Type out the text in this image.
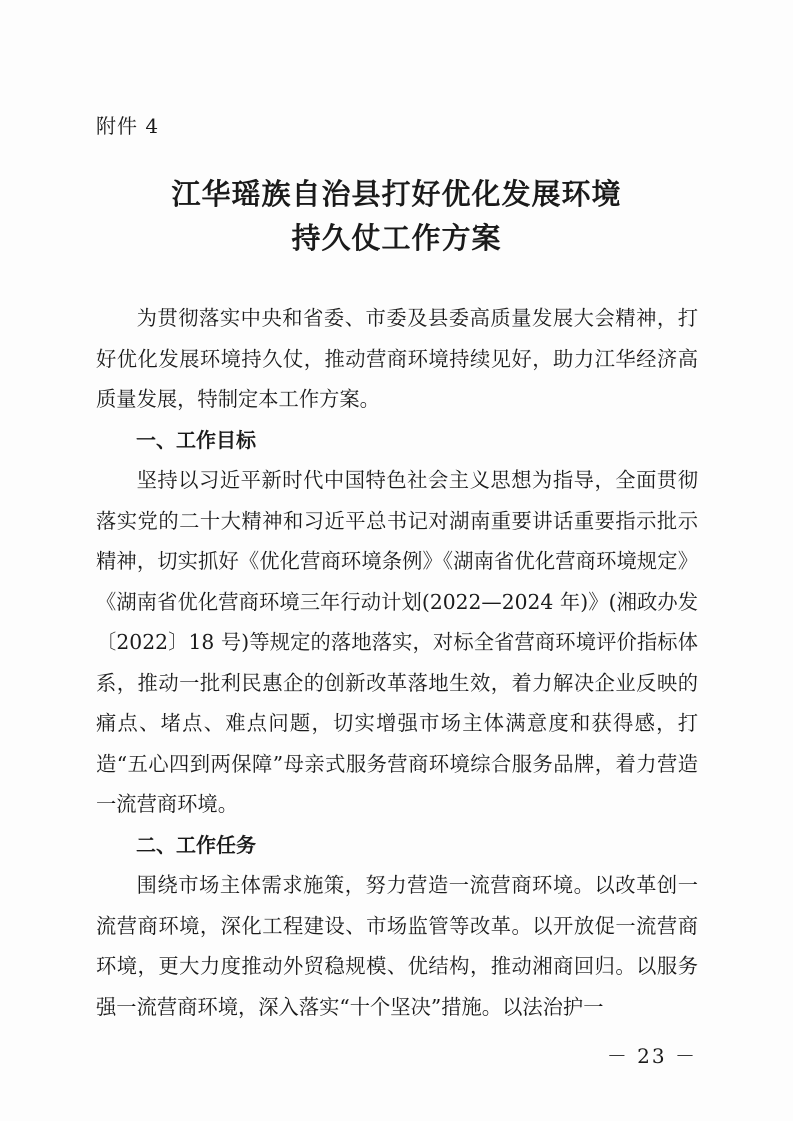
附件 4
江华瑶族自治县打好优化发展环境
持久仗工作方案

为贯彻落实中央和省委、市委及县委高质量发展大会精神，打好优化发展环境持久仗，推动营商环境持续见好，助力江华经济高质量发展，特制定本工作方案。

一、工作目标

坚持以习近平新时代中国特色社会主义思想为指导，全面贯彻落实党的二十大精神和习近平总书记对湖南重要讲话重要指示批示精神，切实抓好《优化营商环境条例》《湖南省优化营商环境规定》《湖南省优化营商环境三年行动计划(2022—2024 年)》(湘政办发〔2022〕18 号)等规定的落地落实，对标全省营商环境评价指标体系，推动一批利民惠企的创新改革落地生效，着力解决企业反映的痛点、堵点、难点问题，切实增强市场主体满意度和获得感，打造“五心四到两保障”母亲式服务营商环境综合服务品牌，着力营造一流营商环境。

二、工作任务

围绕市场主体需求施策，努力营造一流营商环境。以改革创一流营商环境，深化工程建设、市场监管等改革。以开放促一流营商环境，更大力度推动外贸稳规模、优结构，推动湘商回归。以服务强一流营商环境，深入落实“十个坚决”措施。以法治护一

－ 23 －
